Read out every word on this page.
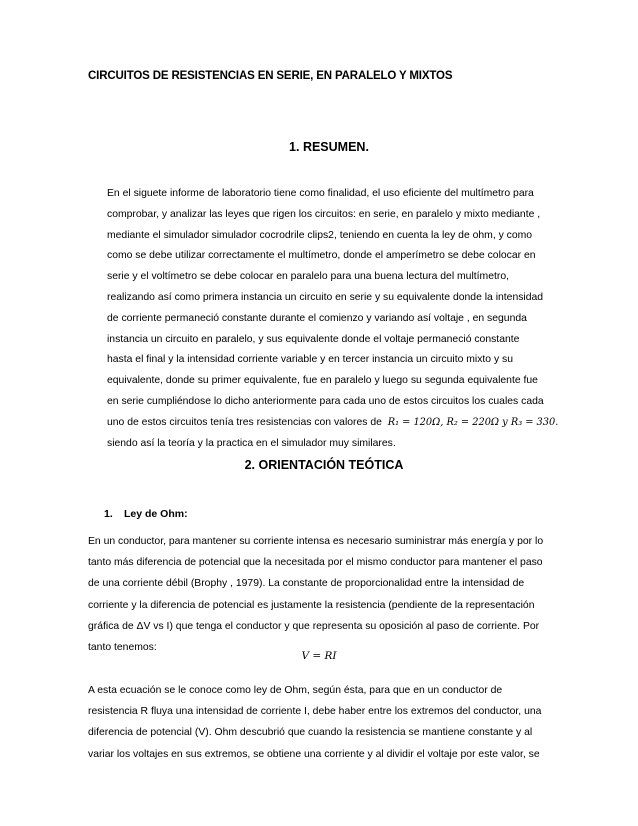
CIRCUITOS DE RESISTENCIAS EN SERIE, EN PARALELO Y MIXTOS
1. RESUMEN.
En el siguete informe de laboratorio tiene como finalidad, el uso eficiente del multímetro para
comprobar, y analizar las leyes que rigen los circuitos: en serie, en paralelo y mixto mediante ,
mediante el simulador simulador cocrodrile clips2, teniendo en cuenta la ley de ohm, y como
como se debe utilizar correctamente el multímetro, donde el amperímetro se debe colocar en
serie y el voltímetro se debe colocar en paralelo para una buena lectura del multímetro,
realizando así como primera instancia un circuito en serie y su equivalente donde la intensidad
de corriente permaneció constante durante el comienzo y variando así voltaje , en segunda
instancia un circuito en paralelo, y sus equivalente donde el voltaje permaneció constante
hasta el final y la intensidad corriente variable y en tercer instancia un circuito mixto y su
equivalente, donde su primer equivalente, fue en paralelo y luego su segunda equivalente fue
en serie cumpliéndose lo dicho anteriormente para cada uno de estos circuitos los cuales cada
uno de estos circuitos tenía tres resistencias con valores de R₁ = 120Ω, R₂ = 220Ω y R₃ = 330.
siendo así la teoría y la practica en el simulador muy similares.
2. ORIENTACIÓN TEÓTICA
1. Ley de Ohm:
En un conductor, para mantener su corriente intensa es necesario suministrar más energía y por lo
tanto más diferencia de potencial que la necesitada por el mismo conductor para mantener el paso
de una corriente débil (Brophy , 1979). La constante de proporcionalidad entre la intensidad de
corriente y la diferencia de potencial es justamente la resistencia (pendiente de la representación
gráfica de ΔV vs I) que tenga el conductor y que representa su oposición al paso de corriente. Por
tanto tenemos:
V = RI
A esta ecuación se le conoce como ley de Ohm, según ésta, para que en un conductor de
resistencia R fluya una intensidad de corriente I, debe haber entre los extremos del conductor, una
diferencia de potencial (V). Ohm descubrió que cuando la resistencia se mantiene constante y al
variar los voltajes en sus extremos, se obtiene una corriente y al dividir el voltaje por este valor, se
